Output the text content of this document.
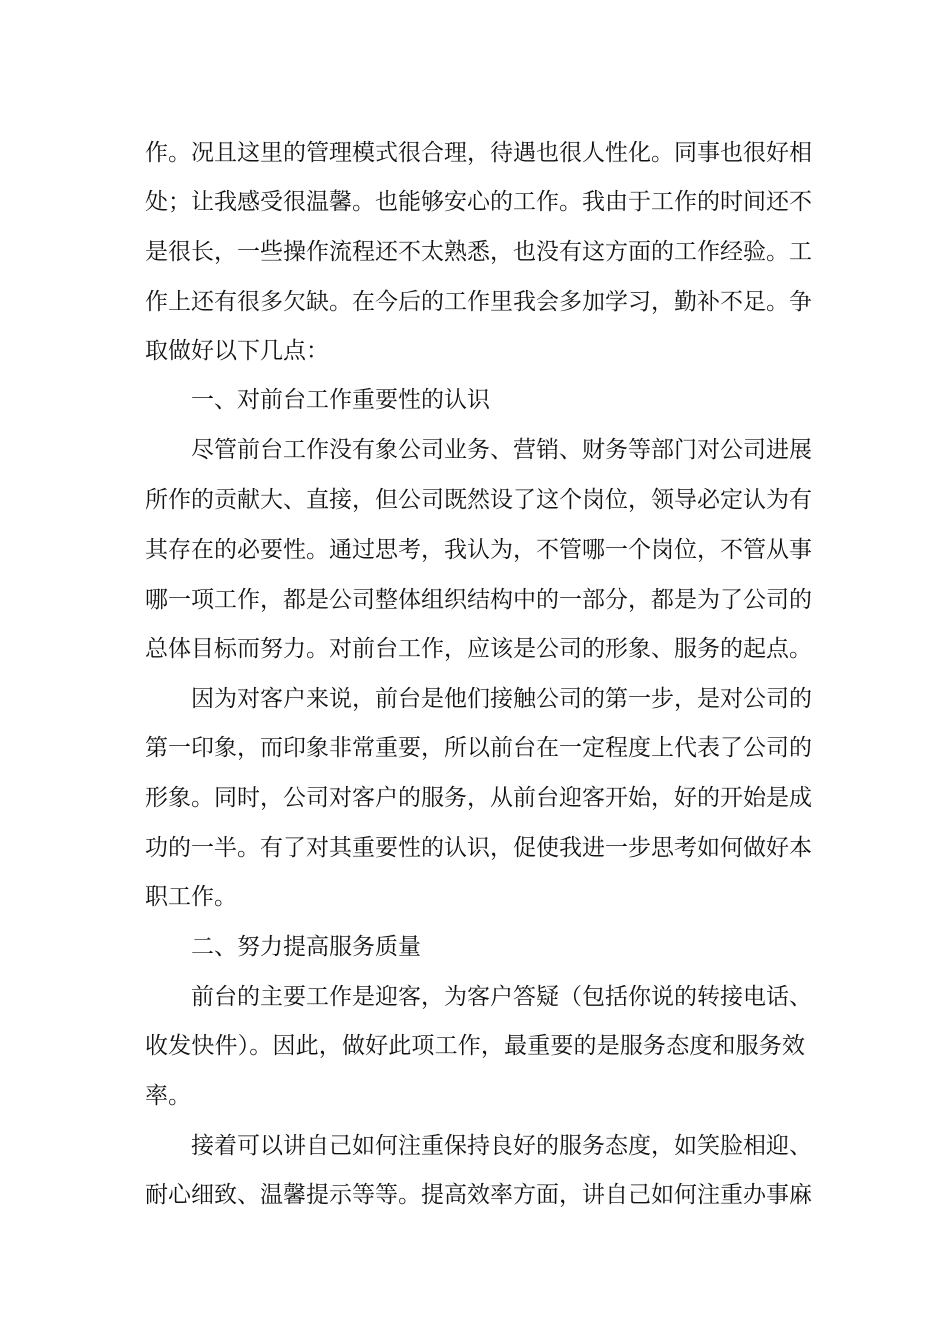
作。况且这里的管理模式很合理，待遇也很人性化。同事也很好相
处；让我感受很温馨。也能够安心的工作。我由于工作的时间还不
是很长，一些操作流程还不太熟悉，也没有这方面的工作经验。工
作上还有很多欠缺。在今后的工作里我会多加学习，勤补不足。争
取做好以下几点：
一、对前台工作重要性的认识
尽管前台工作没有象公司业务、营销、财务等部门对公司进展
所作的贡献大、直接，但公司既然设了这个岗位，领导必定认为有
其存在的必要性。通过思考，我认为，不管哪一个岗位，不管从事
哪一项工作，都是公司整体组织结构中的一部分，都是为了公司的
总体目标而努力。对前台工作，应该是公司的形象、服务的起点。
因为对客户来说，前台是他们接触公司的第一步，是对公司的
第一印象，而印象非常重要，所以前台在一定程度上代表了公司的
形象。同时，公司对客户的服务，从前台迎客开始，好的开始是成
功的一半。有了对其重要性的认识，促使我进一步思考如何做好本
职工作。
二、努力提高服务质量
前台的主要工作是迎客，为客户答疑（包括你说的转接电话、
收发快件）。因此，做好此项工作，最重要的是服务态度和服务效
率。
接着可以讲自己如何注重保持良好的服务态度，如笑脸相迎、
耐心细致、温馨提示等等。提高效率方面，讲自己如何注重办事麻
